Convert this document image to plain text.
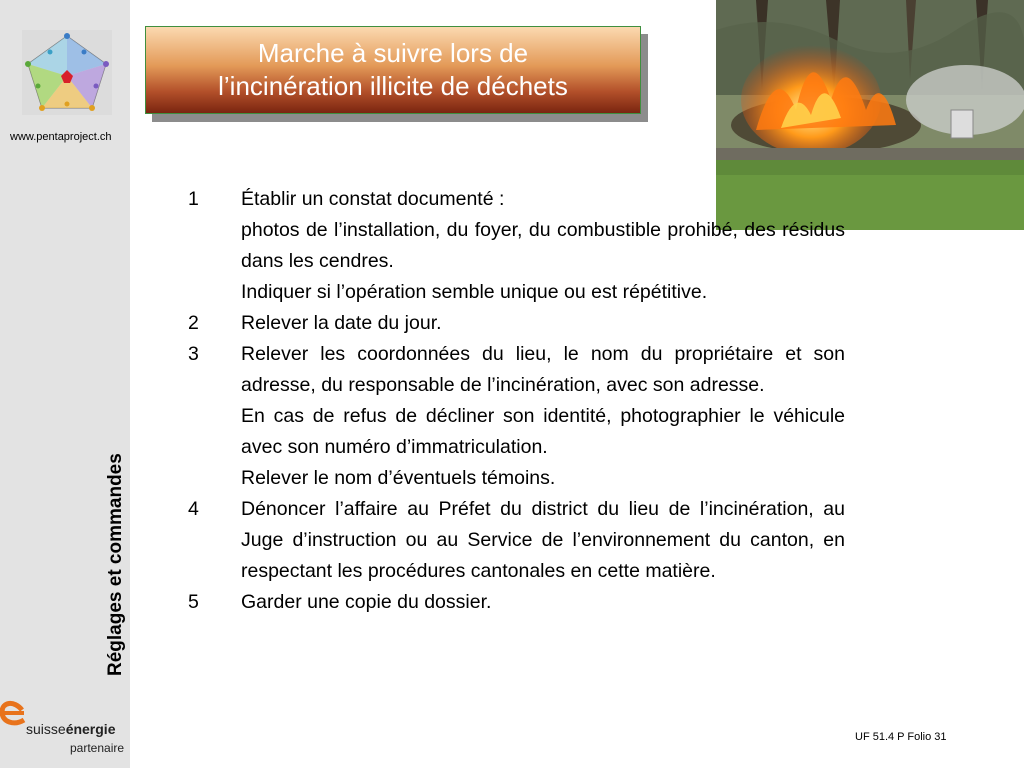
www.pentaproject.ch
Réglages et commandes
suisseénergie
partenaire
Marche à suivre lors de
l’incinération illicite de déchets
1	Établir un constat documenté :
photos de l’installation, du foyer, du combustible prohibé, des résidus dans les cendres.
Indiquer si l’opération semble unique ou est répétitive.
2	Relever la date du jour.
3	Relever les coordonnées du lieu, le nom du propriétaire et son adresse, du responsable de l’incinération, avec son adresse.
En cas de refus de décliner son identité, photographier le véhicule avec son numéro d’immatriculation.
Relever le nom d’éventuels témoins.
4	Dénoncer l’affaire au Préfet du district du lieu de l’incinération, au Juge d’instruction ou au Service de l’environnement du canton, en respectant les procédures cantonales en cette matière.
5	Garder une copie du dossier.
UF 51.4 P Folio 31
